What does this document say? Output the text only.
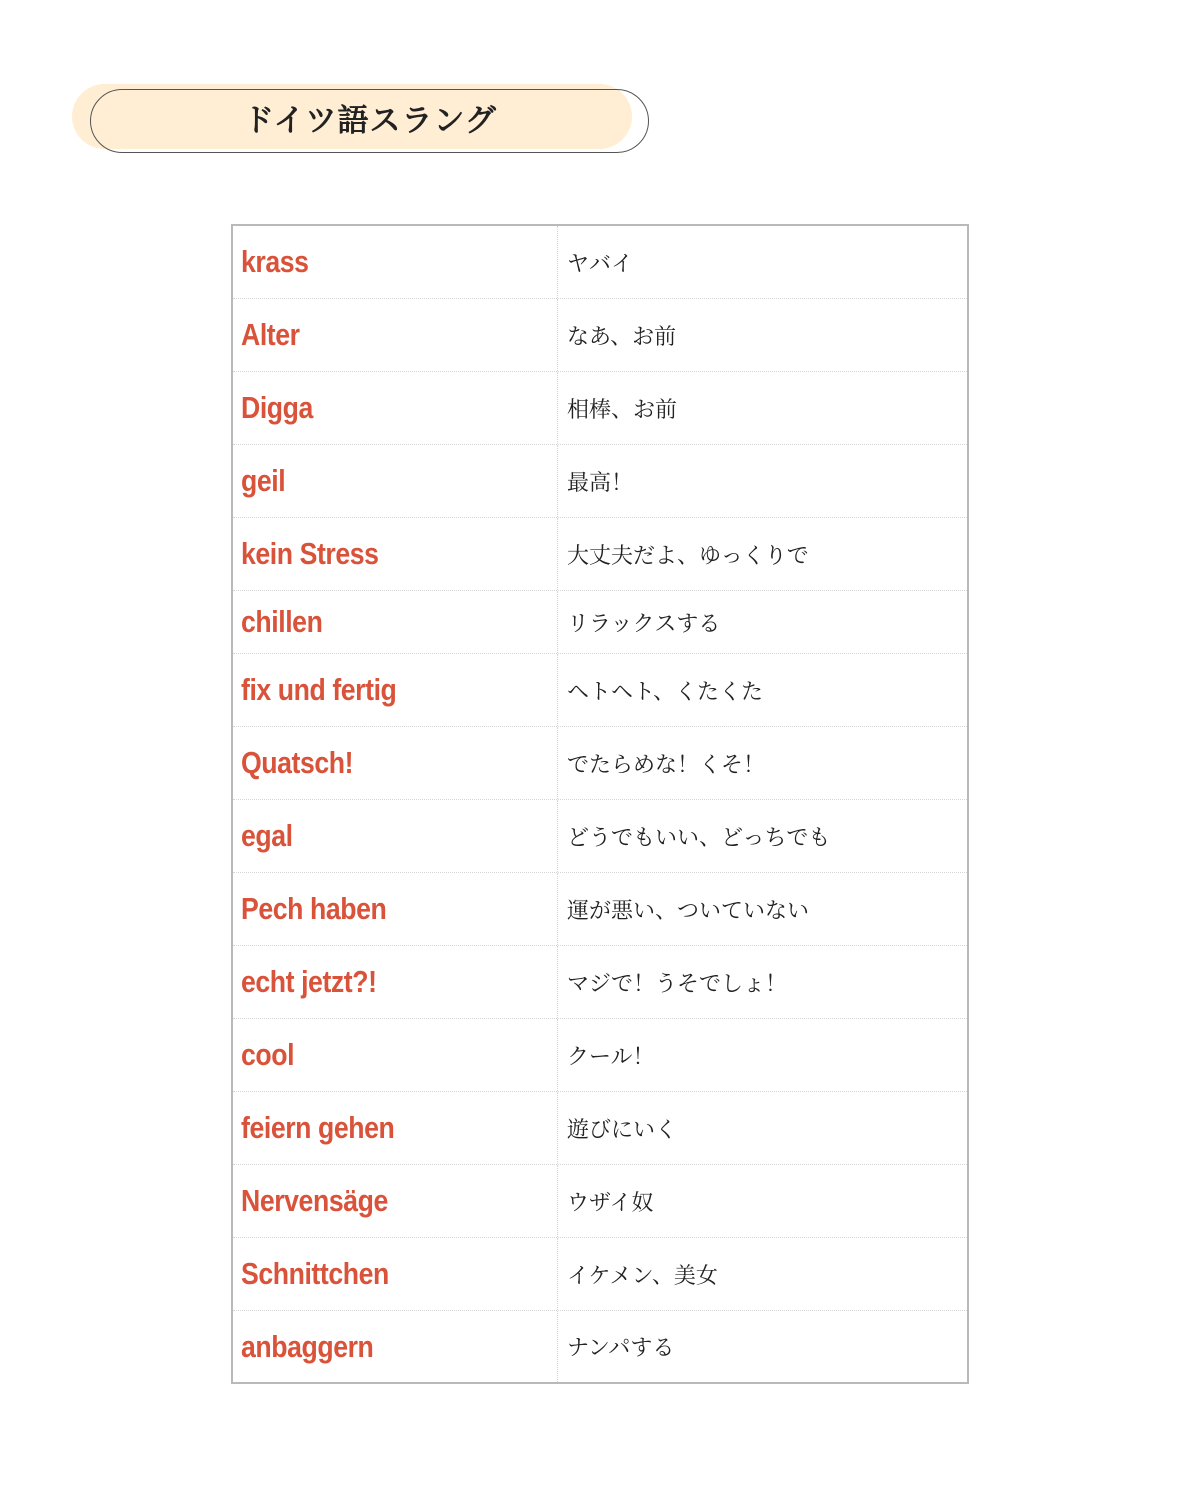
ドイツ語スラング
krass	ヤバイ
Alter	なあ、お前
Digga	相棒、お前
geil	最高！
kein Stress	大丈夫だよ、ゆっくりで
chillen	リラックスする
fix und fertig	ヘトヘト、くたくた
Quatsch!	でたらめな！くそ！
egal	どうでもいい、どっちでも
Pech haben	運が悪い、ついていない
echt jetzt?!	マジで！うそでしょ！
cool	クール！
feiern gehen	遊びにいく
Nervensäge	ウザイ奴
Schnittchen	イケメン、美女
anbaggern	ナンパする
